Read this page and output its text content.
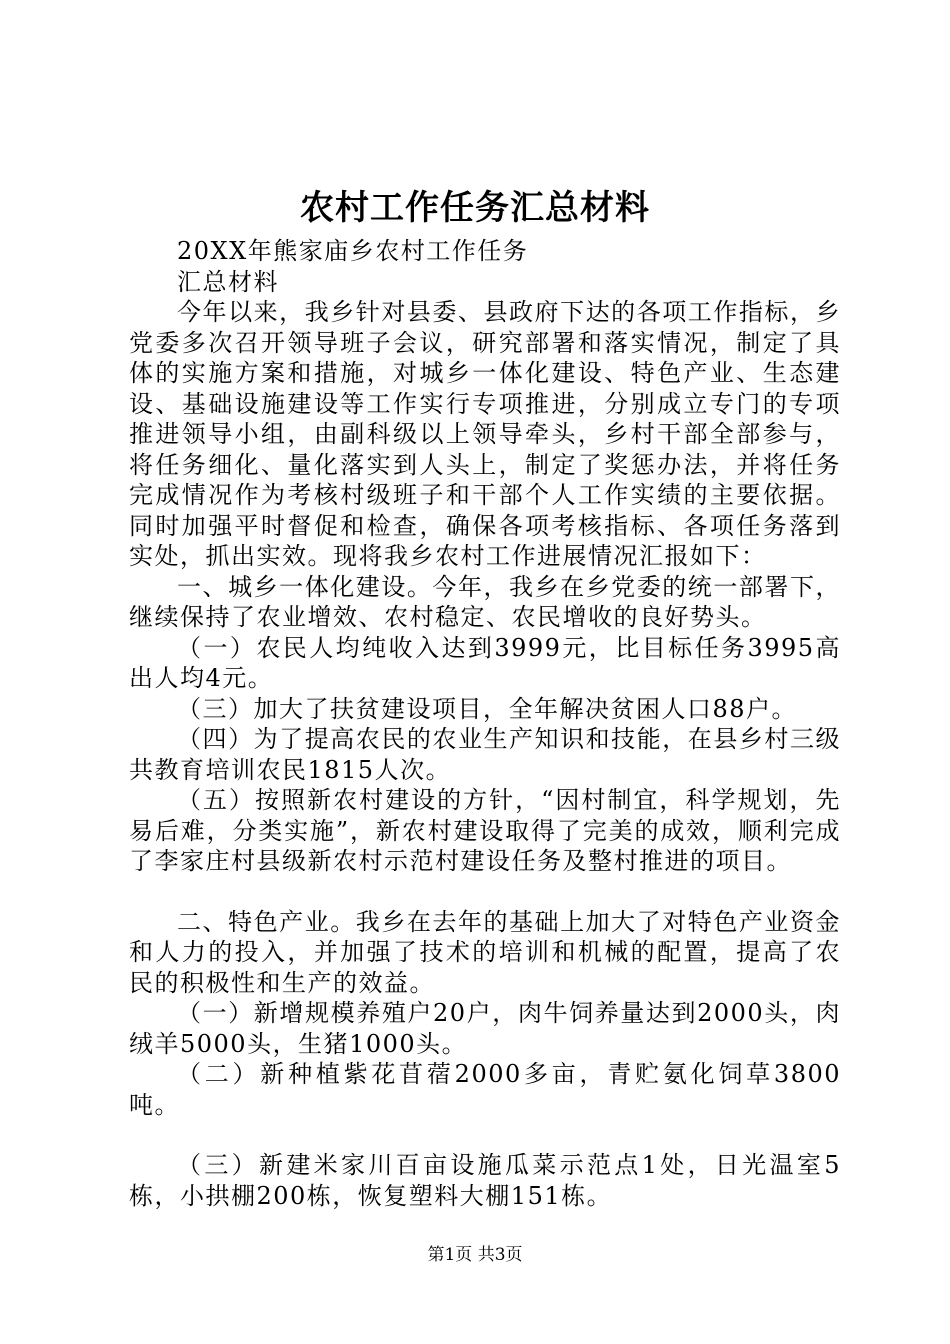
农村工作任务汇总材料

20XX年熊家庙乡农村工作任务

汇总材料

今年以来，我乡针对县委、县政府下达的各项工作指标，乡党委多次召开领导班子会议，研究部署和落实情况，制定了具体的实施方案和措施，对城乡一体化建设、特色产业、生态建设、基础设施建设等工作实行专项推进，分别成立专门的专项推进领导小组，由副科级以上领导牵头，乡村干部全部参与，将任务细化、量化落实到人头上，制定了奖惩办法，并将任务完成情况作为考核村级班子和干部个人工作实绩的主要依据。同时加强平时督促和检查，确保各项考核指标、各项任务落到实处，抓出实效。现将我乡农村工作进展情况汇报如下：

一、城乡一体化建设。今年，我乡在乡党委的统一部署下，继续保持了农业增效、农村稳定、农民增收的良好势头。

（一）农民人均纯收入达到3999元，比目标任务3995高出人均4元。

（三）加大了扶贫建设项目，全年解决贫困人口88户。

（四）为了提高农民的农业生产知识和技能，在县乡村三级共教育培训农民1815人次。

（五）按照新农村建设的方针，“因村制宜，科学规划，先易后难，分类实施”，新农村建设取得了完美的成效，顺利完成了李家庄村县级新农村示范村建设任务及整村推进的项目。

二、特色产业。我乡在去年的基础上加大了对特色产业资金和人力的投入，并加强了技术的培训和机械的配置，提高了农民的积极性和生产的效益。

（一）新增规模养殖户20户，肉牛饲养量达到2000头，肉绒羊5000头，生猪1000头。

（二）新种植紫花苜蓿2000多亩，青贮氨化饲草3800吨。

（三）新建米家川百亩设施瓜菜示范点1处，日光温室5栋，小拱棚200栋，恢复塑料大棚151栋。

第1页 共3页
